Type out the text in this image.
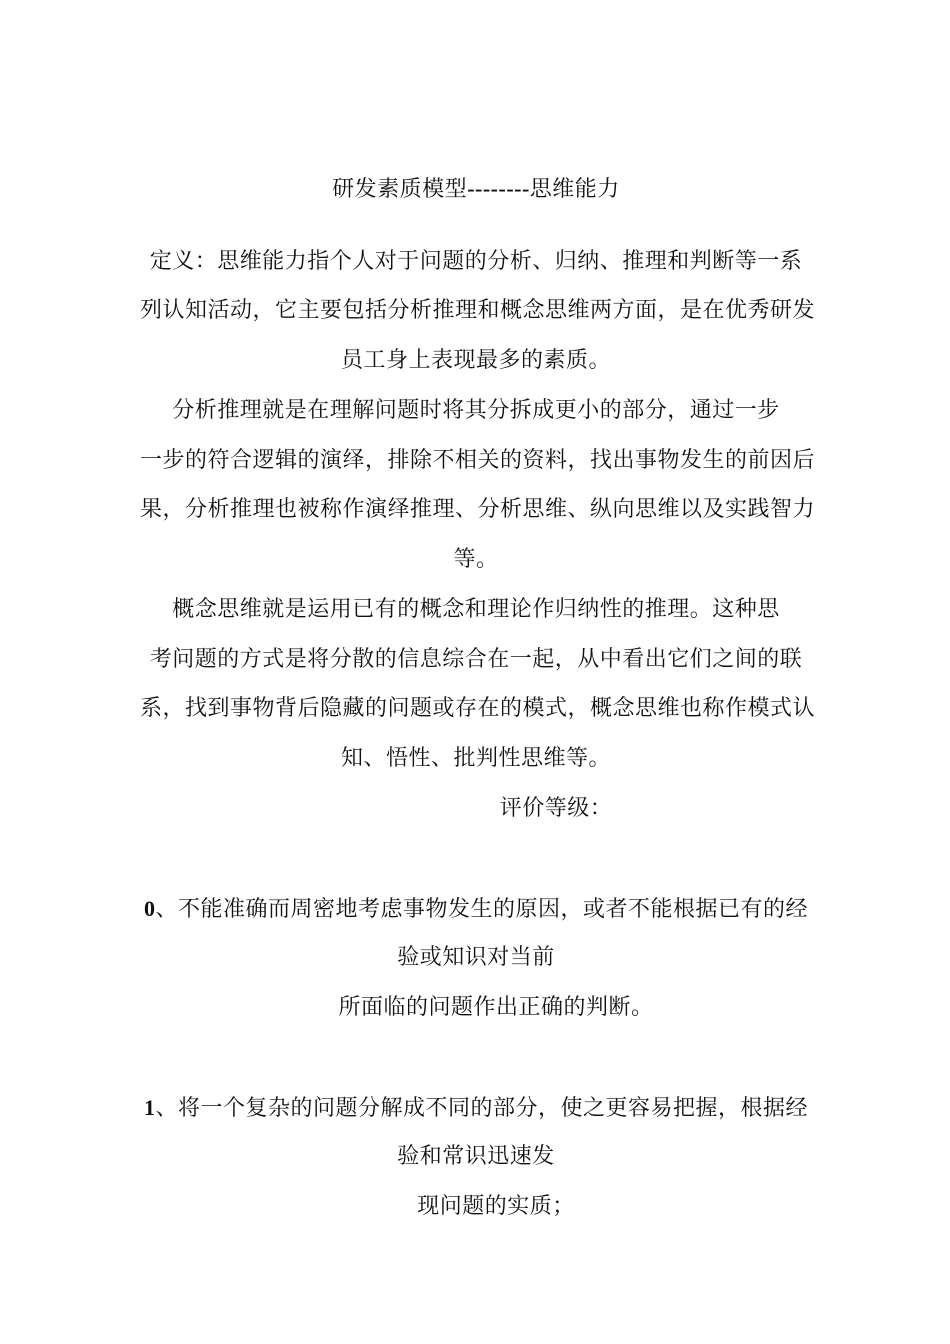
研发素质模型--------思维能力
定义：思维能力指个人对于问题的分析、归纳、推理和判断等一系
列认知活动，它主要包括分析推理和概念思维两方面，是在优秀研发
员工身上表现最多的素质。
分析推理就是在理解问题时将其分拆成更小的部分，通过一步
一步的符合逻辑的演绎，排除不相关的资料，找出事物发生的前因后
果，分析推理也被称作演绎推理、分析思维、纵向思维以及实践智力
等。
概念思维就是运用已有的概念和理论作归纳性的推理。这种思
考问题的方式是将分散的信息综合在一起，从中看出它们之间的联
系，找到事物背后隐藏的问题或存在的模式，概念思维也称作模式认
知、悟性、批判性思维等。
评价等级：
0、不能准确而周密地考虑事物发生的原因，或者不能根据已有的经
验或知识对当前
所面临的问题作出正确的判断。
1、将一个复杂的问题分解成不同的部分，使之更容易把握，根据经
验和常识迅速发
现问题的实质；
